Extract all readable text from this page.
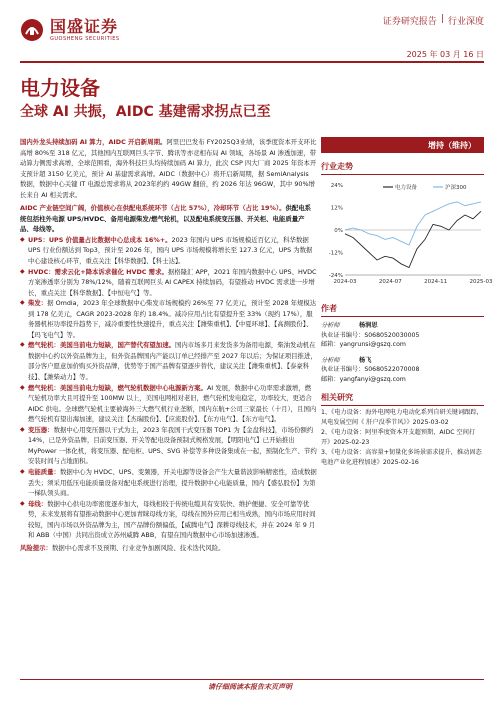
国盛证券
GUOSHENG SECURITIES
证券研究报告 | 行业深度
2025 年 03 月 16 日
电力设备
全球 AI 共振，AIDC 基建需求拐点已至

国内外龙头持续加码 AI 算力，AIDC 开启新周期。阿里巴巴发布 FY2025Q3业绩，该季度资本开支环比高增 80%至 318 亿元，其他国内互联网巨头字节、腾讯等亦竞相布局 AI 领域，各场景 AI 渗透加速，带动算力侧需求高增，全球范围看，海外科技巨头均持续加码 AI 算力，此次 CSP 四大厂商 2025 年资本开支预计超 3150 亿美元，预计 AI 基建需求高增。AIDC（数据中心）将开启新周期，据 SemiAnalysis 数据，数据中心关键 IT 电源总需求将从 2023年约约 49GW 翻倍，约 2026 年达 96GW，其中 90%增长来自 AI 相关需求。

AIDC 产业链空间广阔，价值核心在供配电系统环节（占比 57%），冷却环节（占比 19%）。供配电系统包括柱外电源 UPS/HVDC、备用电源柴发/燃气轮机，以及配电系统变压器、开关柜、电能质量产品、母线等。

◆ UPS：UPS 价值量占比数据中心总成本 16%+。2023 年国内 UPS 市场规模近百亿元，科华数据 UPS 行业份额达到 Top3，预计至 2026 年，国内 UPS 市场规模将增长至 127.3 亿元，UPS 为数据中心建设核心环节，重点关注【科华数据】、【科士达】。
◆ HVDC：需求云化+降本诉求催化 HVDC 需求。据格隆汇 APP，2021 年国内数据中心 UPS、HVDC 方案渗透率分别为 78%/12%，随着互联网巨头 AI CAPEX 持续加码，有望推动 HVDC 需求进一步增长，重点关注【科华数据】、【中恒电气】等。
◆ 柴发：据 Omdia，2023 年全球数据中心柴发市场规模约 26%至 77 亿美元，预计至 2028 年规模达到 178 亿美元，CAGR 2023-2028 年约 18.4%。减冷应用占比有望提升至 33%（现约 17%），服务器机柜功率提升趋势下，减冷重要性快速提升，重点关注【潍柴重机】、【中夏环球】、【高测股份】、【玛飞电气】等。
◆ 燃气轮机：美国当前电力短缺，国产替代有望加速。国内市场多月来发货多为备用电源，柴油发动机在数据中心约以外资品牌为主，但外资品牌国内产能以订单已经排产至 2027 年以后；为保证项目推进，部分客户愿意加价购买外资品牌，优势等于国产品牌有望逐步替代，建议关注【潍柴重机】、【泰豪科技】、【潍柴动力】等。
◆ 燃气轮机：美国当前电力短缺，燃气轮机数据中心电源新方案。AI 发展，数据中心功率需求激增，燃气轮机功率大且可提升至 100MW 以上，美国电网相对老旧，燃气轮机发电稳定，功率较大，更适合 AIDC 供电。全球燃气轮机主要被海外三大燃气机行业垄断，国内东航+公司三家最长（十月），且国内燃气轮机有望出海加速，建议关注【杰瑞股份】、【应流股份】、【东方电气】、【东方电气】。
◆ 变压器：数据中心用变压器以干式为主，2023 年我国干式变压器 TOP1 为【金盘科技】，市场份额约 14%，已是外资品牌，目前变压器、开关等配电设备预制式规格发展，【明阳电气】已开始推出 MyPower 一体化机，将变压器、配电柜、UPS、SVG 补偿等多种设备集成在一起，预制化生产、节约安装时间与占地面积。
◆ 电能质量：数据中心为 HVDC、UPS、变频器，开关电源等设备会产生大量谐波影响精密性，造成数据丢失；须采用低压电能质量设备对配电系统进行治理，提升数据中心电能质量，国内【盛弘股份】为第一梯队领头商。
◆ 母线：数据中心供电功率密度逐步加大，母线相较于传统电缆具有安装快、维护便捷、安全可靠等优势，未来发展将有望推动数据中心更加青睐母线方案，母线在国外应用已相当成熟，国内市场应用时间较短，国内市场以外资品牌为主，国产品牌份额偏低，【威腾电气】深耕母线技术，并在 2024 年 9 月和 ABB（中国）共同出资成立苏州威腾 ABB，有望在国内数据中心市场加速渗透。

风险提示：数据中心需求不及预期、行业竞争加剧风险、技术迭代风险。

增持（维持）
行业走势
24%
12%
0%
-12%
-24%
2024-03	2024-07	2024-11	2025-03
电力设备	沪深300
作者
分析师	杨润思
执业证书编号：S0680520030005
邮箱：yangrunsi@gszq.com
分析师	杨飞
执业证书编号：S0680522070008
邮箱：yangfanyi@gszq.com
相关研究
1、《电力设备：海外电网电力电动化系列自研关键词跟踪，风电发展空间《 肝户没季节风》》2025-03-02
2、《电力设备：阿里季度资本开支超预期，AIDC 空间打开》2025-02-23
3、《电力设备：高容量+韧量化多场景需求提升，推动固态电池产业化进程加速》2025-02-16
请仔细阅读本报告末页声明
